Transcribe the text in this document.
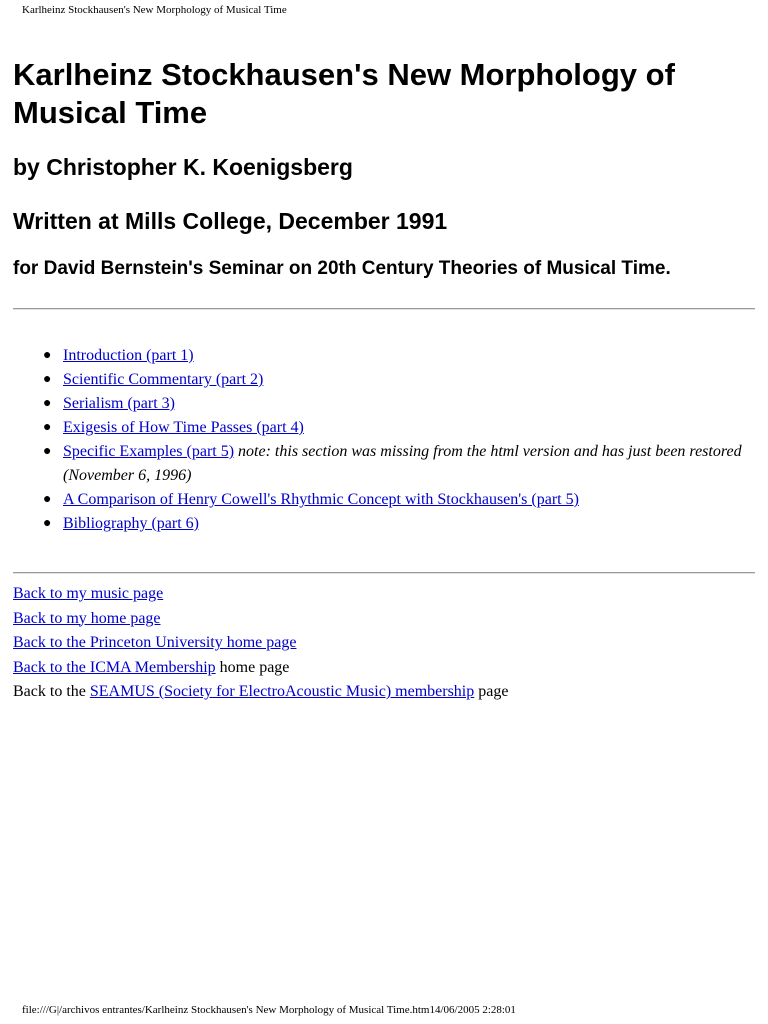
Karlheinz Stockhausen's New Morphology of Musical Time
Karlheinz Stockhausen's New Morphology of Musical Time
by Christopher K. Koenigsberg
Written at Mills College, December 1991
for David Bernstein's Seminar on 20th Century Theories of Musical Time.
● Introduction (part 1)
● Scientific Commentary (part 2)
● Serialism (part 3)
● Exigesis of How Time Passes (part 4)
● Specific Examples (part 5) note: this section was missing from the html version and has just been restored (November 6, 1996)
● A Comparison of Henry Cowell's Rhythmic Concept with Stockhausen's (part 5)
● Bibliography (part 6)
Back to my music page
Back to my home page
Back to the Princeton University home page
Back to the ICMA Membership home page
Back to the SEAMUS (Society for ElectroAcoustic Music) membership page
file:///G|/archivos entrantes/Karlheinz Stockhausen's New Morphology of Musical Time.htm14/06/2005 2:28:01
